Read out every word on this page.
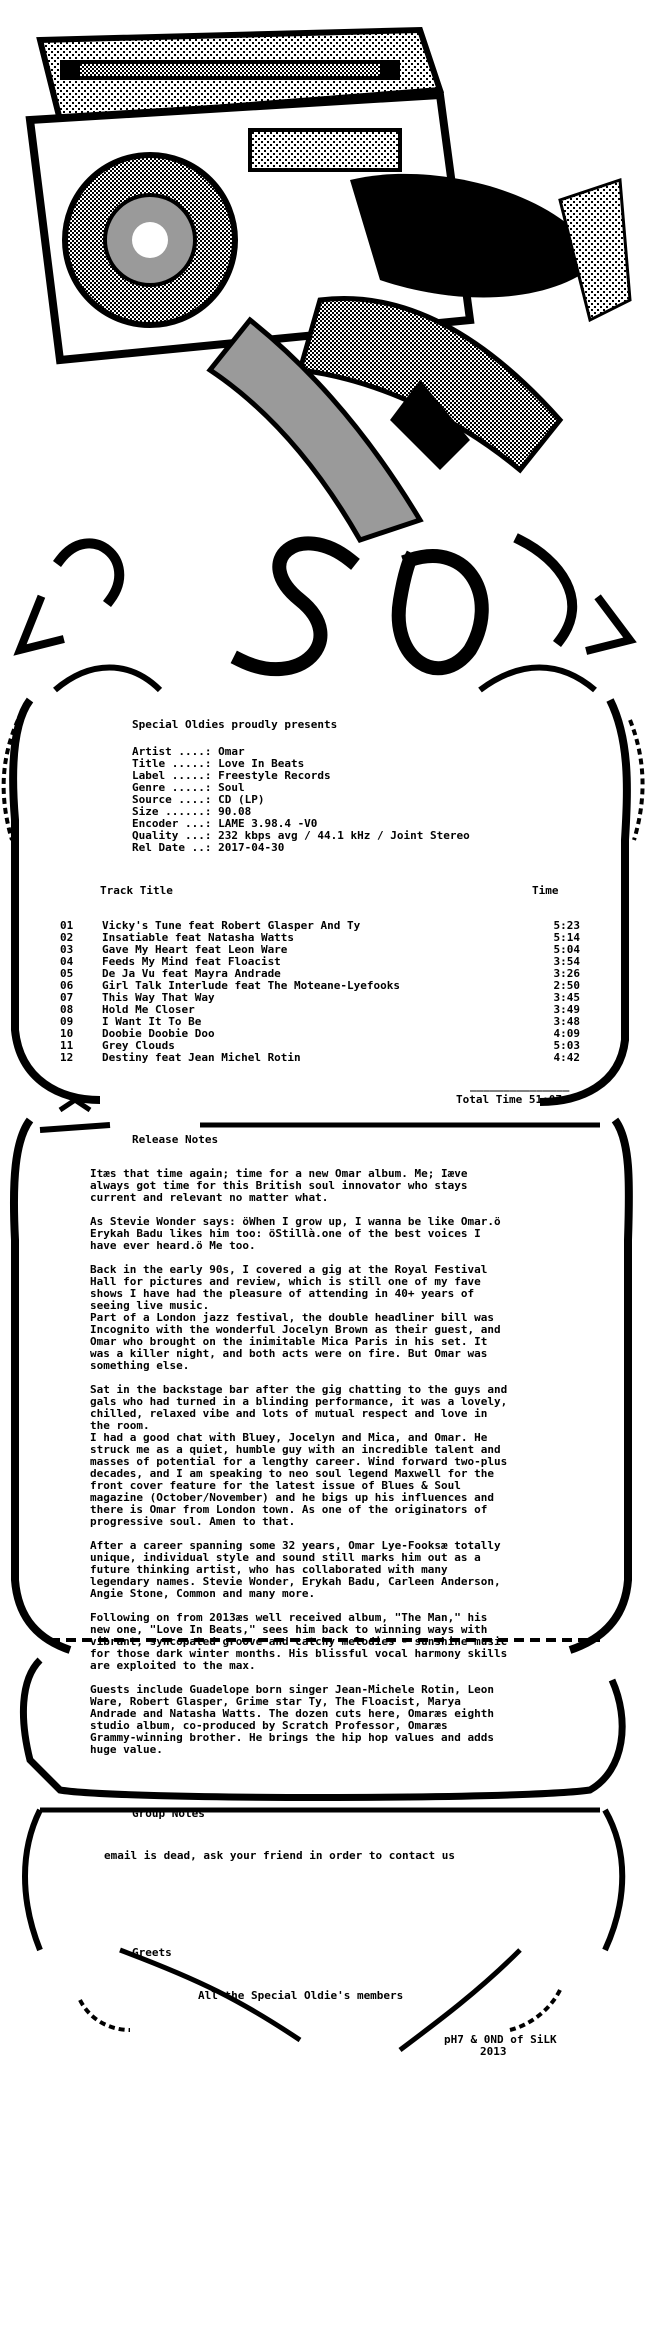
Special Oldies proudly presents
Artist ....: Omar
Title .....: Love In Beats
Label .....: Freestyle Records
Genre .....: Soul
Source ....: CD (LP)
Size ......: 90.08
Encoder ...: LAME 3.98.4 -V0
Quality ...: 232 kbps avg / 44.1 kHz / Joint Stereo
Rel Date ..: 2017-04-30
Track Title	Time
01	Vicky's Tune feat Robert Glasper And Ty	5:23
02	Insatiable feat Natasha Watts	5:14
03	Gave My Heart feat Leon Ware	5:04
04	Feeds My Mind feat Floacist	3:54
05	De Ja Vu feat Mayra Andrade	3:26
06	Girl Talk Interlude feat The Moteane-Lyefooks	2:50
07	This Way That Way	3:45
08	Hold Me Closer	3:49
09	I Want It To Be	3:48
10	Doobie Doobie Doo	4:09
11	Grey Clouds	5:03
12	Destiny feat Jean Michel Rotin	4:42
_______________
Total Time 51:07
Release Notes
Itæs that time again; time for a new Omar album. Me; Iæve
always got time for this British soul innovator who stays
current and relevant no matter what.
As Stevie Wonder says: öWhen I grow up, I wanna be like Omar.ö
Erykah Badu likes him too: öStillà.one of the best voices I
have ever heard.ö Me too.
Back in the early 90s, I covered a gig at the Royal Festival
Hall for pictures and review, which is still one of my fave
shows I have had the pleasure of attending in 40+ years of
seeing live music.
Part of a London jazz festival, the double headliner bill was
Incognito with the wonderful Jocelyn Brown as their guest, and
Omar who brought on the inimitable Mica Paris in his set. It
was a killer night, and both acts were on fire. But Omar was
something else.
Sat in the backstage bar after the gig chatting to the guys and
gals who had turned in a blinding performance, it was a lovely,
chilled, relaxed vibe and lots of mutual respect and love in
the room.
I had a good chat with Bluey, Jocelyn and Mica, and Omar. He
struck me as a quiet, humble guy with an incredible talent and
masses of potential for a lengthy career. Wind forward two-plus
decades, and I am speaking to neo soul legend Maxwell for the
front cover feature for the latest issue of Blues & Soul
magazine (October/November) and he bigs up his influences and
there is Omar from London town. As one of the originators of
progressive soul. Amen to that.
After a career spanning some 32 years, Omar Lye-Fooksæ totally
unique, individual style and sound still marks him out as a
future thinking artist, who has collaborated with many
legendary names. Stevie Wonder, Erykah Badu, Carleen Anderson,
Angie Stone, Common and many more.
Following on from 2013æs well received album, "The Man," his
new one, "Love In Beats," sees him back to winning ways with
vibrant, syncopated groove and catchy melodies - sunshine music
for those dark winter months. His blissful vocal harmony skills
are exploited to the max.
Guests include Guadelope born singer Jean-Michele Rotin, Leon
Ware, Robert Glasper, Grime star Ty, The Floacist, Marya
Andrade and Natasha Watts. The dozen cuts here, Omaræs eighth
studio album, co-produced by Scratch Professor, Omaræs
Grammy-winning brother. He brings the hip hop values and adds
huge value.
Group Notes
email is dead, ask your friend in order to contact us
Greets
All the Special Oldie's members
pH7 & 0ND of SiLK
2013
